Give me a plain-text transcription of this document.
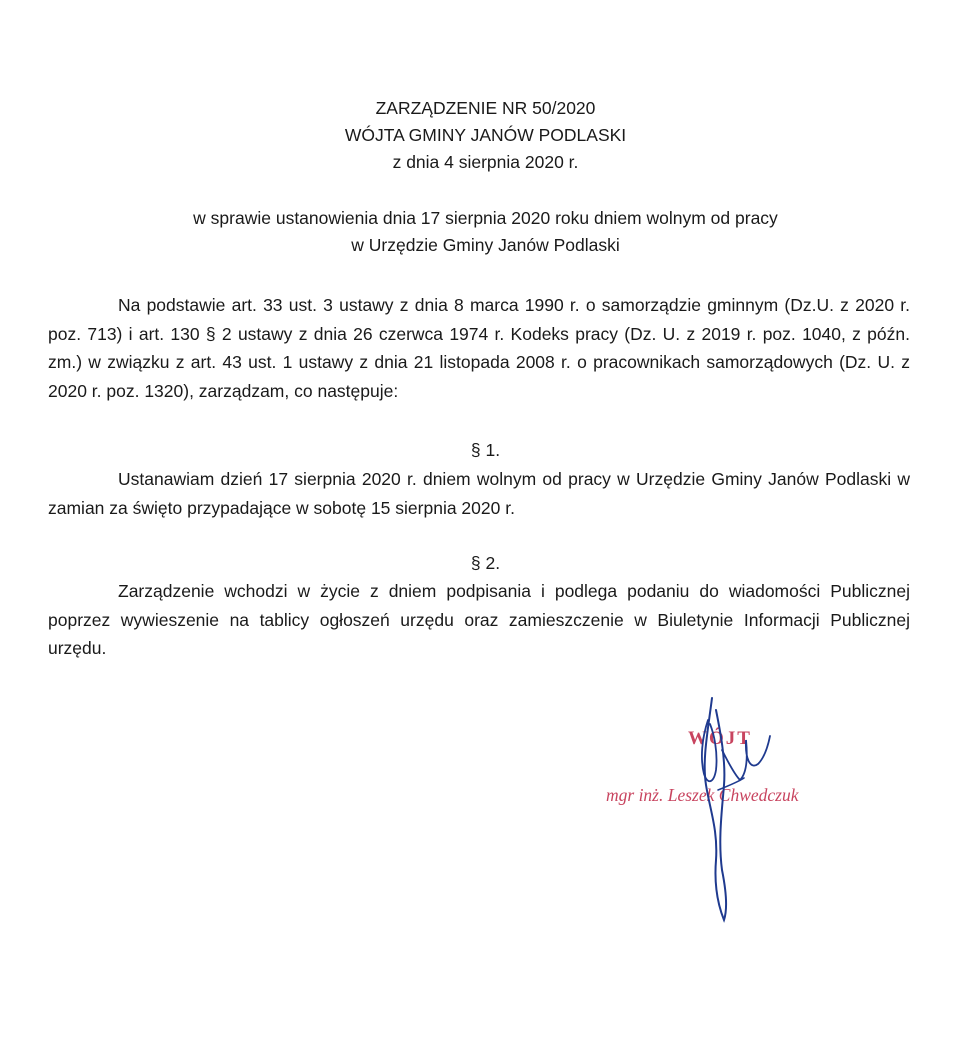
ZARZĄDZENIE NR 50/2020
WÓJTA GMINY JANÓW PODLASKI
z dnia 4 sierpnia 2020 r.
w sprawie ustanowienia dnia 17 sierpnia 2020 roku dniem wolnym od pracy
w Urzędzie Gminy Janów Podlaski

Na podstawie art. 33 ust. 3 ustawy z dnia 8 marca 1990 r. o samorządzie gminnym (Dz.U. z 2020 r. poz. 713) i art. 130 § 2 ustawy z dnia 26 czerwca 1974 r. Kodeks pracy (Dz. U. z 2019 r. poz. 1040, z późn. zm.) w związku z art. 43 ust. 1 ustawy z dnia 21 listopada 2008 r. o pracownikach samorządowych (Dz. U. z 2020 r. poz. 1320), zarządzam, co następuje:

§ 1.

Ustanawiam dzień 17 sierpnia 2020 r. dniem wolnym od pracy w Urzędzie Gminy Janów Podlaski w zamian za święto przypadające w sobotę 15 sierpnia 2020 r.

§ 2.

Zarządzenie wchodzi w życie z dniem podpisania i podlega podaniu do wiadomości Publicznej poprzez wywieszenie na tablicy ogłoszeń urzędu oraz zamieszczenie w Biuletynie Informacji Publicznej urzędu.

WÓJT
mgr inż. Leszek Chwedczuk
